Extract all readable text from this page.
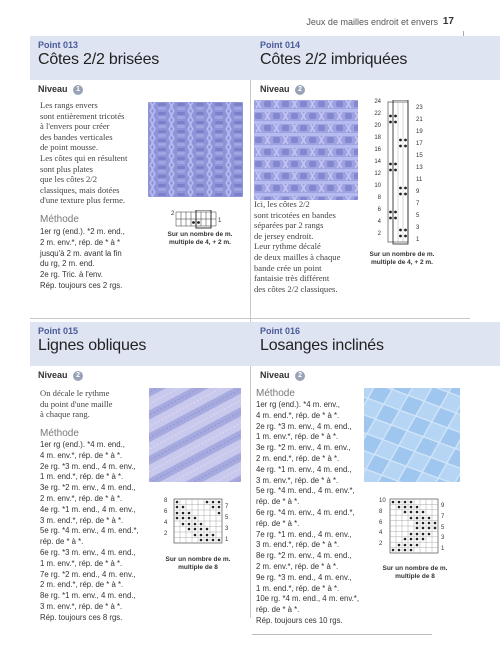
Jeux de mailles endroit et envers 17
Point 013
Côtes 2/2 brisées
Niveau 1
Les rangs envers
sont entièrement tricotés
à l'envers pour créer
des bandes verticales
de point mousse.
Les côtes qui en résultent
sont plus plates
que les côtes 2/2
classiques, mais dotées
d'une texture plus ferme.
Méthode
1er rg (end.). *2 m. end.,
2 m. env.*, rép. de * à *
jusqu'à 2 m. avant la fin
du rg, 2 m. end.
2e rg. Tric. à l'env.
Rép. toujours ces 2 rgs.
2
1
Sur un nombre de m.
multiple de 4, + 2 m.
Point 014
Côtes 2/2 imbriquées
Niveau 2
Ici, les côtes 2/2
sont tricotées en bandes
séparées par 2 rangs
de jersey endroit.
Leur rythme décalé
de deux mailles à chaque
bande crée un point
fantaisie très différent
des côtes 2/2 classiques.
24
22
20
18
16
14
12
10
8
6
4
2
23
21
19
17
15
13
11
9
7
5
3
1
Sur un nombre de m.
multiple de 4, + 2 m.
Point 015
Lignes obliques
Niveau 2
On décale le rythme
du point d'une maille
à chaque rang.
Méthode
1er rg (end.). *4 m. end.,
4 m. env.*, rép. de * à *.
2e rg. *3 m. end., 4 m. env.,
1 m. end.*, rép. de * à *.
3e rg. *2 m. env., 4 m. end.,
2 m. env.*, rép. de * à *.
4e rg. *1 m. end., 4 m. env.,
3 m. end.*, rép. de * à *.
5e rg. *4 m. env., 4 m. end.*,
rép. de * à *.
6e rg. *3 m. env., 4 m. end.,
1 m. env.*, rép. de * à *.
7e rg. *2 m. end., 4 m. env.,
2 m. end.*, rép. de * à *.
8e rg. *1 m. env., 4 m. end.,
3 m. env.*, rép. de * à *.
Rép. toujours ces 8 rgs.
8
6
4
2
7
5
3
1
Sur un nombre de m.
multiple de 8
Point 016
Losanges inclinés
Niveau 2
Méthode
1er rg (end.). *4 m. env.,
4 m. end.*, rép. de * à *.
2e rg. *3 m. env., 4 m. end.,
1 m. env.*, rép. de * à *.
3e rg. *2 m. env., 4 m. env.,
2 m. end.*, rép. de * à *.
4e rg. *1 m. env., 4 m. end.,
3 m. env.*, rép. de * à *.
5e rg. *4 m. end., 4 m. env.*,
rép. de * à *.
6e rg. *4 m. env., 4 m. end.*,
rép. de * à *.
7e rg. *1 m. end., 4 m. env.,
3 m. end.*, rép. de * à *.
8e rg. *2 m. env., 4 m. end.,
2 m. env.*, rép. de * à *.
9e rg. *3 m. end., 4 m. env.,
1 m. end.*, rép. de * à *.
10e rg. *4 m. end., 4 m. env.*,
rép. de * à *.
Rép. toujours ces 10 rgs.
10
8
6
4
2
9
7
5
3
1
Sur un nombre de m.
multiple de 8
